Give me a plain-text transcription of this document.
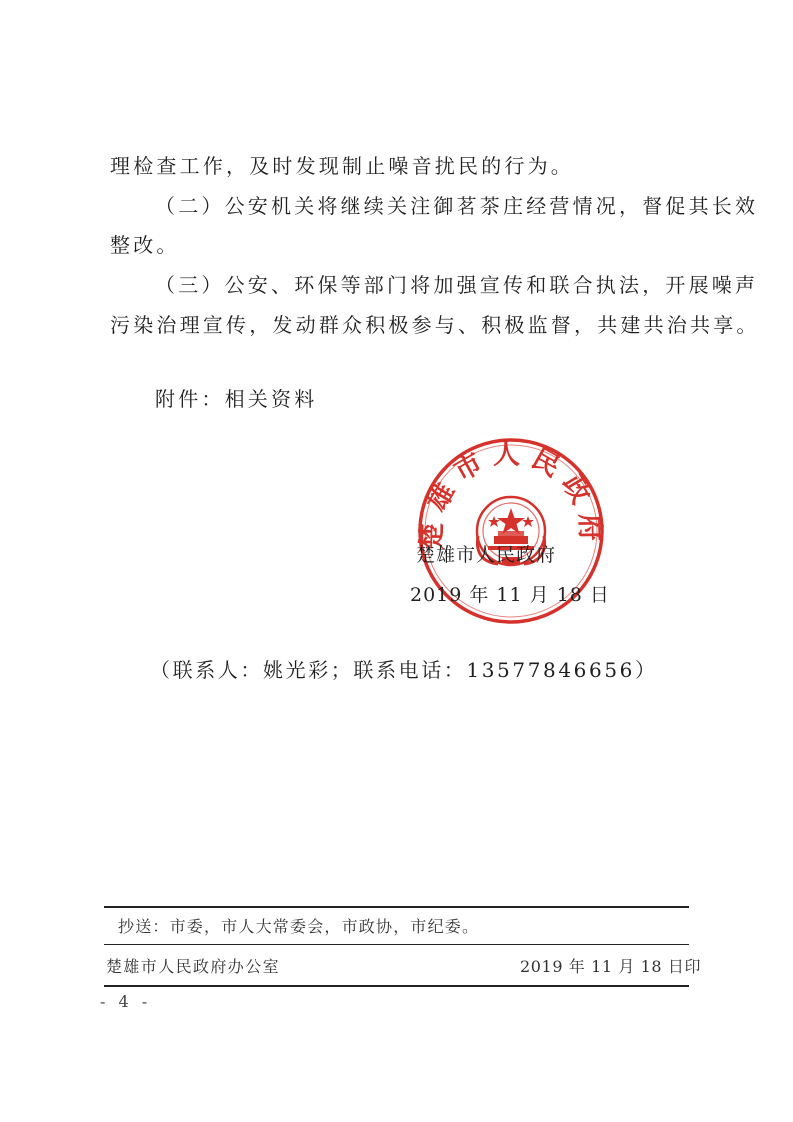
理检查工作，及时发现制止噪音扰民的行为。
（二）公安机关将继续关注御茗茶庄经营情况，督促其长效
整改。
（三）公安、环保等部门将加强宣传和联合执法，开展噪声
污染治理宣传，发动群众积极参与、积极监督，共建共治共享。
附件：相关资料
楚雄市人民政府
楚雄市人民政府
2019 年 11 月 18 日
（联系人：姚光彩；联系电话：13577846656）
抄送：市委，市人大常委会，市政协，市纪委。
楚雄市人民政府办公室	2019 年 11 月 18 日印
- 4 -
